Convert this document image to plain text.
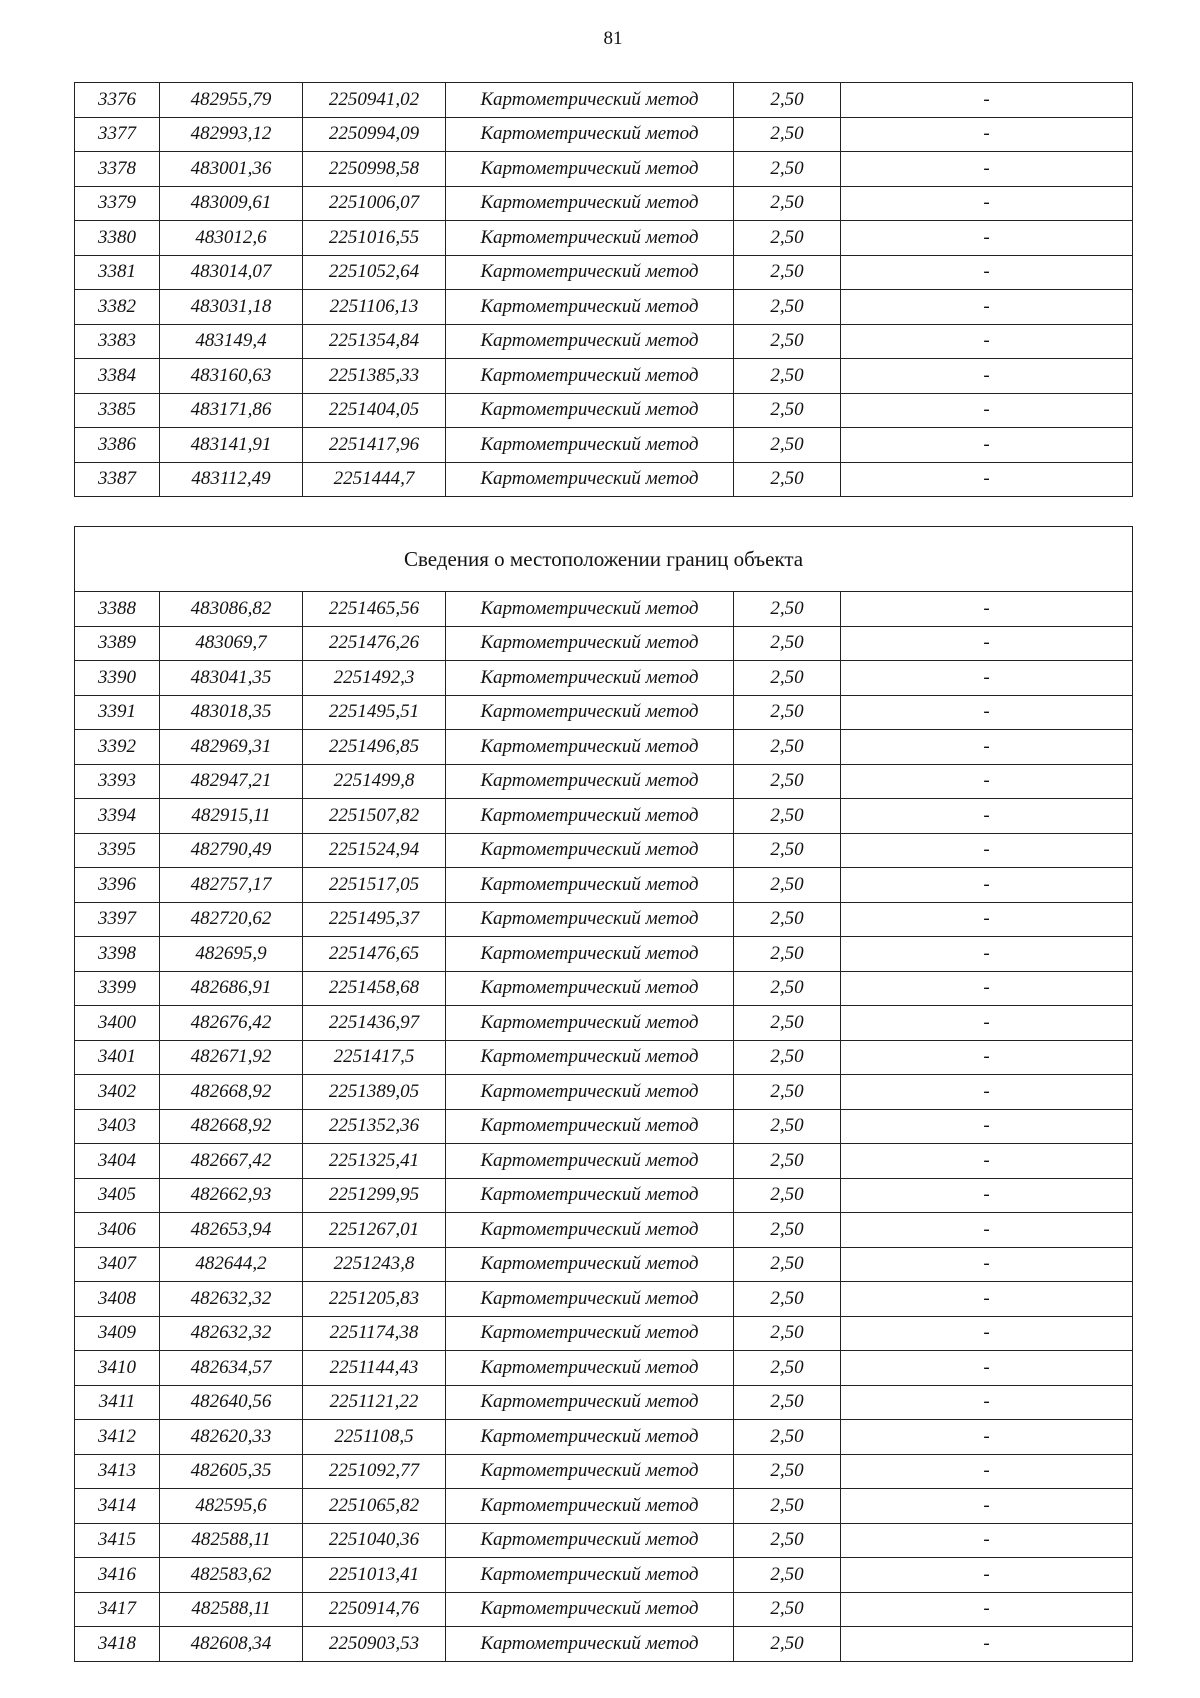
81
3376	482955,79	2250941,02	Картометрический метод	2,50	-
3377	482993,12	2250994,09	Картометрический метод	2,50	-
3378	483001,36	2250998,58	Картометрический метод	2,50	-
3379	483009,61	2251006,07	Картометрический метод	2,50	-
3380	483012,6	2251016,55	Картометрический метод	2,50	-
3381	483014,07	2251052,64	Картометрический метод	2,50	-
3382	483031,18	2251106,13	Картометрический метод	2,50	-
3383	483149,4	2251354,84	Картометрический метод	2,50	-
3384	483160,63	2251385,33	Картометрический метод	2,50	-
3385	483171,86	2251404,05	Картометрический метод	2,50	-
3386	483141,91	2251417,96	Картометрический метод	2,50	-
3387	483112,49	2251444,7	Картометрический метод	2,50	-
Сведения о местоположении границ объекта					
3388	483086,82	2251465,56	Картометрический метод	2,50	-
3389	483069,7	2251476,26	Картометрический метод	2,50	-
3390	483041,35	2251492,3	Картометрический метод	2,50	-
3391	483018,35	2251495,51	Картометрический метод	2,50	-
3392	482969,31	2251496,85	Картометрический метод	2,50	-
3393	482947,21	2251499,8	Картометрический метод	2,50	-
3394	482915,11	2251507,82	Картометрический метод	2,50	-
3395	482790,49	2251524,94	Картометрический метод	2,50	-
3396	482757,17	2251517,05	Картометрический метод	2,50	-
3397	482720,62	2251495,37	Картометрический метод	2,50	-
3398	482695,9	2251476,65	Картометрический метод	2,50	-
3399	482686,91	2251458,68	Картометрический метод	2,50	-
3400	482676,42	2251436,97	Картометрический метод	2,50	-
3401	482671,92	2251417,5	Картометрический метод	2,50	-
3402	482668,92	2251389,05	Картометрический метод	2,50	-
3403	482668,92	2251352,36	Картометрический метод	2,50	-
3404	482667,42	2251325,41	Картометрический метод	2,50	-
3405	482662,93	2251299,95	Картометрический метод	2,50	-
3406	482653,94	2251267,01	Картометрический метод	2,50	-
3407	482644,2	2251243,8	Картометрический метод	2,50	-
3408	482632,32	2251205,83	Картометрический метод	2,50	-
3409	482632,32	2251174,38	Картометрический метод	2,50	-
3410	482634,57	2251144,43	Картометрический метод	2,50	-
3411	482640,56	2251121,22	Картометрический метод	2,50	-
3412	482620,33	2251108,5	Картометрический метод	2,50	-
3413	482605,35	2251092,77	Картометрический метод	2,50	-
3414	482595,6	2251065,82	Картометрический метод	2,50	-
3415	482588,11	2251040,36	Картометрический метод	2,50	-
3416	482583,62	2251013,41	Картометрический метод	2,50	-
3417	482588,11	2250914,76	Картометрический метод	2,50	-
3418	482608,34	2250903,53	Картометрический метод	2,50	-
